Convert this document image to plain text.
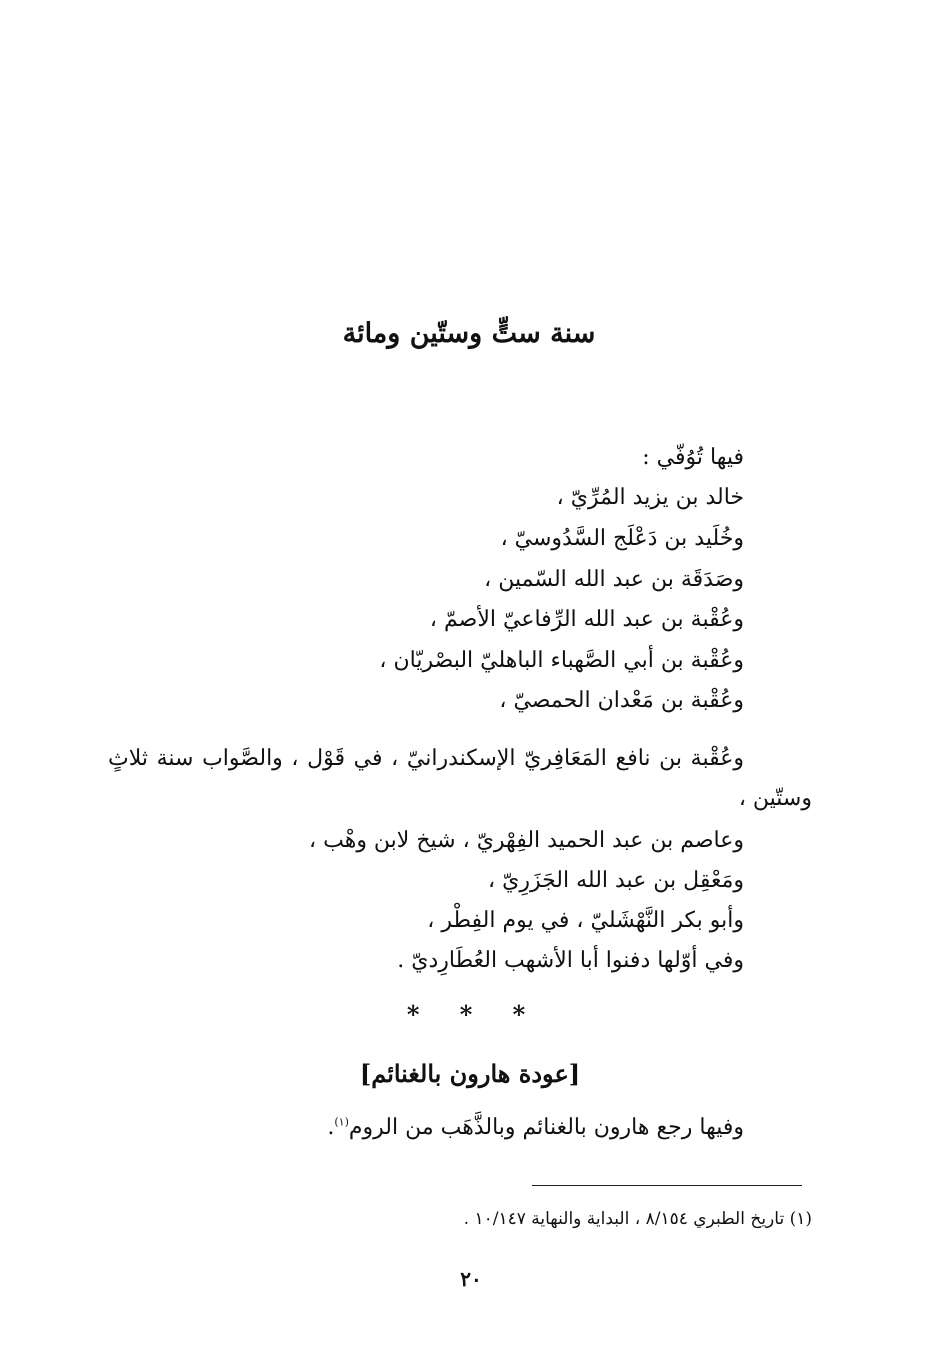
سنة ستٍّ وستّين ومائة
فيها تُوُفّي :
خالد بن يزيد المُرِّيّ ،
وخُلَيد بن دَعْلَج السَّدُوسيّ ،
وصَدَقَة بن عبد الله السّمين ،
وعُقْبة بن عبد الله الرِّفاعيّ الأصمّ ،
وعُقْبة بن أبي الصَّهباء الباهليّ البصْريّان ،
وعُقْبة بن مَعْدان الحمصيّ ،
وعُقْبة بن نافع المَعَافِريّ الإسكندرانيّ ، في قَوْل ، والصَّواب سنة ثلاثٍ
وستّين ،
وعاصم بن عبد الحميد الفِهْريّ ، شيخ لابن وهْب ،
ومَعْقِل بن عبد الله الجَزَرِيّ ،
وأبو بكر النَّهْشَليّ ، في يوم الفِطْر ،
وفي أوّلها دفنوا أبا الأشهب العُطَارِديّ .
* * *
[عودة هارون بالغنائم]
وفيها رجع هارون بالغنائم وبالذَّهَب من الروم$^{(١)}$.
(١) تاريخ الطبري ٨/١٥٤ ، البداية والنهاية ١٠/١٤٧ .
٢٠
